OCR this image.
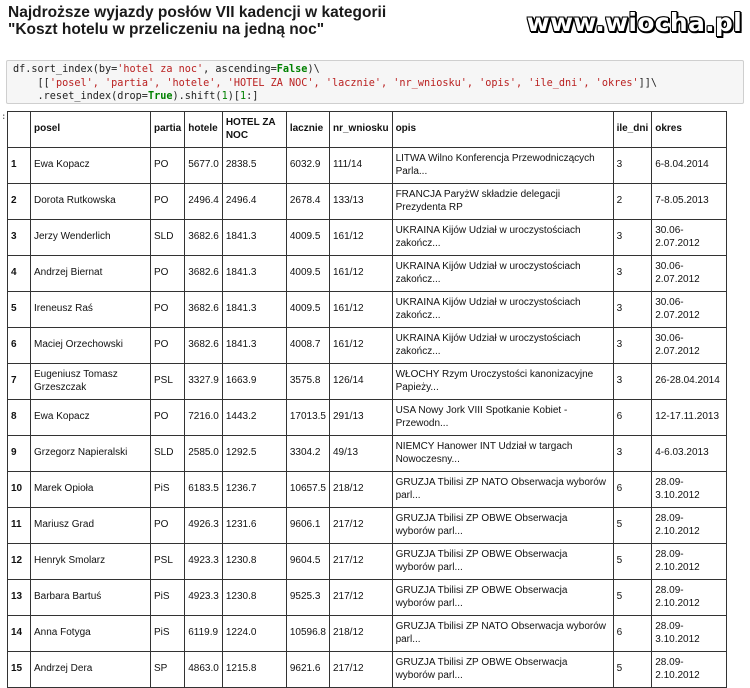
Najdroższe wyjazdy posłów VII kadencji w kategorii
"Koszt hotelu w przeliczeniu na jedną noc"	www.wiocha.pl
df.sort_index(by='hotel za noc', ascending=False)\
[['posel', 'partia', 'hotele', 'HOTEL ZA NOC', 'lacznie', 'nr_wniosku', 'opis', 'ile_dni', 'okres']]\
.reset_index(drop=True).shift(1)[1:]
:
	posel	partia	hotele	HOTEL ZA NOC	lacznie	nr_wniosku	opis	ile_dni	okres
1	Ewa Kopacz	PO	5677.0	2838.5	6032.9	111/14	LITWA Wilno Konferencja Przewodniczących Parla...	3	6-8.04.2014
2	Dorota Rutkowska	PO	2496.4	2496.4	2678.4	133/13	FRANCJA ParyżW składzie delegacji Prezydenta RP	2	7-8.05.2013
3	Jerzy Wenderlich	SLD	3682.6	1841.3	4009.5	161/12	UKRAINA Kijów Udział w uroczystościach zakończ...	3	30.06-2.07.2012
4	Andrzej Biernat	PO	3682.6	1841.3	4009.5	161/12	UKRAINA Kijów Udział w uroczystościach zakończ...	3	30.06-2.07.2012
5	Ireneusz Raś	PO	3682.6	1841.3	4009.5	161/12	UKRAINA Kijów Udział w uroczystościach zakończ...	3	30.06-2.07.2012
6	Maciej Orzechowski	PO	3682.6	1841.3	4008.7	161/12	UKRAINA Kijów Udział w uroczystościach zakończ...	3	30.06-2.07.2012
7	Eugeniusz Tomasz Grzeszczak	PSL	3327.9	1663.9	3575.8	126/14	WŁOCHY Rzym Uroczystości kanonizacyjne Papieży...	3	26-28.04.2014
8	Ewa Kopacz	PO	7216.0	1443.2	17013.5	291/13	USA Nowy Jork VIII Spotkanie Kobiet - Przewodn...	6	12-17.11.2013
9	Grzegorz Napieralski	SLD	2585.0	1292.5	3304.2	49/13	NIEMCY Hanower INT Udział w targach Nowoczesny...	3	4-6.03.2013
10	Marek Opioła	PiS	6183.5	1236.7	10657.5	218/12	GRUZJA Tbilisi ZP NATO Obserwacja wyborów parl...	6	28.09-3.10.2012
11	Mariusz Grad	PO	4926.3	1231.6	9606.1	217/12	GRUZJA Tbilisi ZP OBWE Obserwacja wyborów parl...	5	28.09-2.10.2012
12	Henryk Smolarz	PSL	4923.3	1230.8	9604.5	217/12	GRUZJA Tbilisi ZP OBWE Obserwacja wyborów parl...	5	28.09-2.10.2012
13	Barbara Bartuś	PiS	4923.3	1230.8	9525.3	217/12	GRUZJA Tbilisi ZP OBWE Obserwacja wyborów parl...	5	28.09-2.10.2012
14	Anna Fotyga	PiS	6119.9	1224.0	10596.8	218/12	GRUZJA Tbilisi ZP NATO Obserwacja wyborów parl...	6	28.09-3.10.2012
15	Andrzej Dera	SP	4863.0	1215.8	9621.6	217/12	GRUZJA Tbilisi ZP OBWE Obserwacja wyborów parl...	5	28.09-2.10.2012
